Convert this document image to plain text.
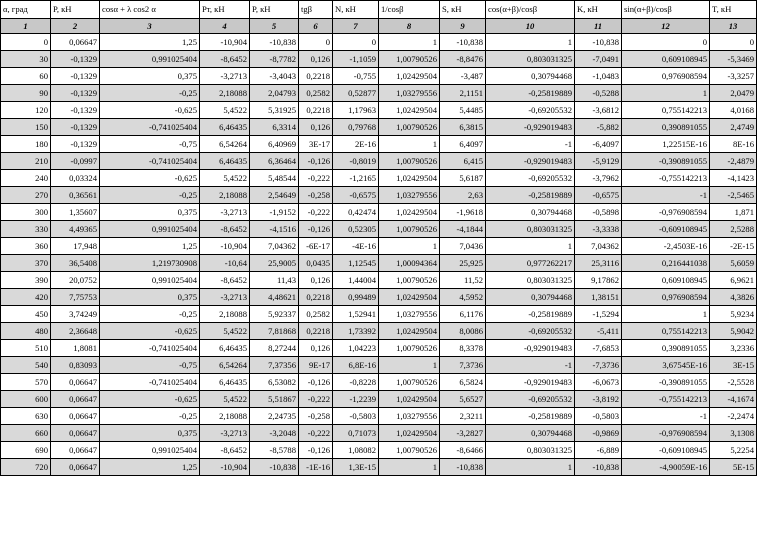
α, град	P, кН	cosα + λ cos2 α	Pт, кН	P, кН	tgβ	N, кН	1/cosβ	S, кН	cos(α+β)/cosβ	K, кН	sin(α+β)/cosβ	T, кН
1	2	3	4	5	6	7	8	9	10	11	12	13
0	0,06647	1,25	-10,904	-10,838	0	0	1	-10,838	1	-10,838	0	0
30	-0,1329	0,991025404	-8,6452	-8,7782	0,126	-1,1059	1,00790526	-8,8476	0,803031325	-7,0491	0,609108945	-5,3469
60	-0,1329	0,375	-3,2713	-3,4043	0,2218	-0,755	1,02429504	-3,487	0,30794468	-1,0483	0,976908594	-3,3257
90	-0,1329	-0,25	2,18088	2,04793	0,2582	0,52877	1,03279556	2,1151	-0,25819889	-0,5288	1	2,0479
120	-0,1329	-0,625	5,4522	5,31925	0,2218	1,17963	1,02429504	5,4485	-0,69205532	-3,6812	0,755142213	4,0168
150	-0,1329	-0,741025404	6,46435	6,3314	0,126	0,79768	1,00790526	6,3815	-0,929019483	-5,882	0,390891055	2,4749
180	-0,1329	-0,75	6,54264	6,40969	3E-17	2E-16	1	6,4097	-1	-6,4097	1,22515E-16	8E-16
210	-0,0997	-0,741025404	6,46435	6,36464	-0,126	-0,8019	1,00790526	6,415	-0,929019483	-5,9129	-0,390891055	-2,4879
240	0,03324	-0,625	5,4522	5,48544	-0,222	-1,2165	1,02429504	5,6187	-0,69205532	-3,7962	-0,755142213	-4,1423
270	0,36561	-0,25	2,18088	2,54649	-0,258	-0,6575	1,03279556	2,63	-0,25819889	-0,6575	-1	-2,5465
300	1,35607	0,375	-3,2713	-1,9152	-0,222	0,42474	1,02429504	-1,9618	0,30794468	-0,5898	-0,976908594	1,871
330	4,49365	0,991025404	-8,6452	-4,1516	-0,126	0,52305	1,00790526	-4,1844	0,803031325	-3,3338	-0,609108945	2,5288
360	17,948	1,25	-10,904	7,04362	-6E-17	-4E-16	1	7,0436	1	7,04362	-2,4503E-16	-2E-15
370	36,5408	1,219730908	-10,64	25,9005	0,0435	1,12545	1,00094364	25,925	0,977262217	25,3116	0,216441038	5,6059
390	20,0752	0,991025404	-8,6452	11,43	0,126	1,44004	1,00790526	11,52	0,803031325	9,17862	0,609108945	6,9621
420	7,75753	0,375	-3,2713	4,48621	0,2218	0,99489	1,02429504	4,5952	0,30794468	1,38151	0,976908594	4,3826
450	3,74249	-0,25	2,18088	5,92337	0,2582	1,52941	1,03279556	6,1176	-0,25819889	-1,5294	1	5,9234
480	2,36648	-0,625	5,4522	7,81868	0,2218	1,73392	1,02429504	8,0086	-0,69205532	-5,411	0,755142213	5,9042
510	1,8081	-0,741025404	6,46435	8,27244	0,126	1,04223	1,00790526	8,3378	-0,929019483	-7,6853	0,390891055	3,2336
540	0,83093	-0,75	6,54264	7,37356	9E-17	6,8E-16	1	7,3736	-1	-7,3736	3,67545E-16	3E-15
570	0,06647	-0,741025404	6,46435	6,53082	-0,126	-0,8228	1,00790526	6,5824	-0,929019483	-6,0673	-0,390891055	-2,5528
600	0,06647	-0,625	5,4522	5,51867	-0,222	-1,2239	1,02429504	5,6527	-0,69205532	-3,8192	-0,755142213	-4,1674
630	0,06647	-0,25	2,18088	2,24735	-0,258	-0,5803	1,03279556	2,3211	-0,25819889	-0,5803	-1	-2,2474
660	0,06647	0,375	-3,2713	-3,2048	-0,222	0,71073	1,02429504	-3,2827	0,30794468	-0,9869	-0,976908594	3,1308
690	0,06647	0,991025404	-8,6452	-8,5788	-0,126	1,08082	1,00790526	-8,6466	0,803031325	-6,889	-0,609108945	5,2254
720	0,06647	1,25	-10,904	-10,838	-1E-16	1,3E-15	1	-10,838	1	-10,838	-4,90059E-16	5E-15
